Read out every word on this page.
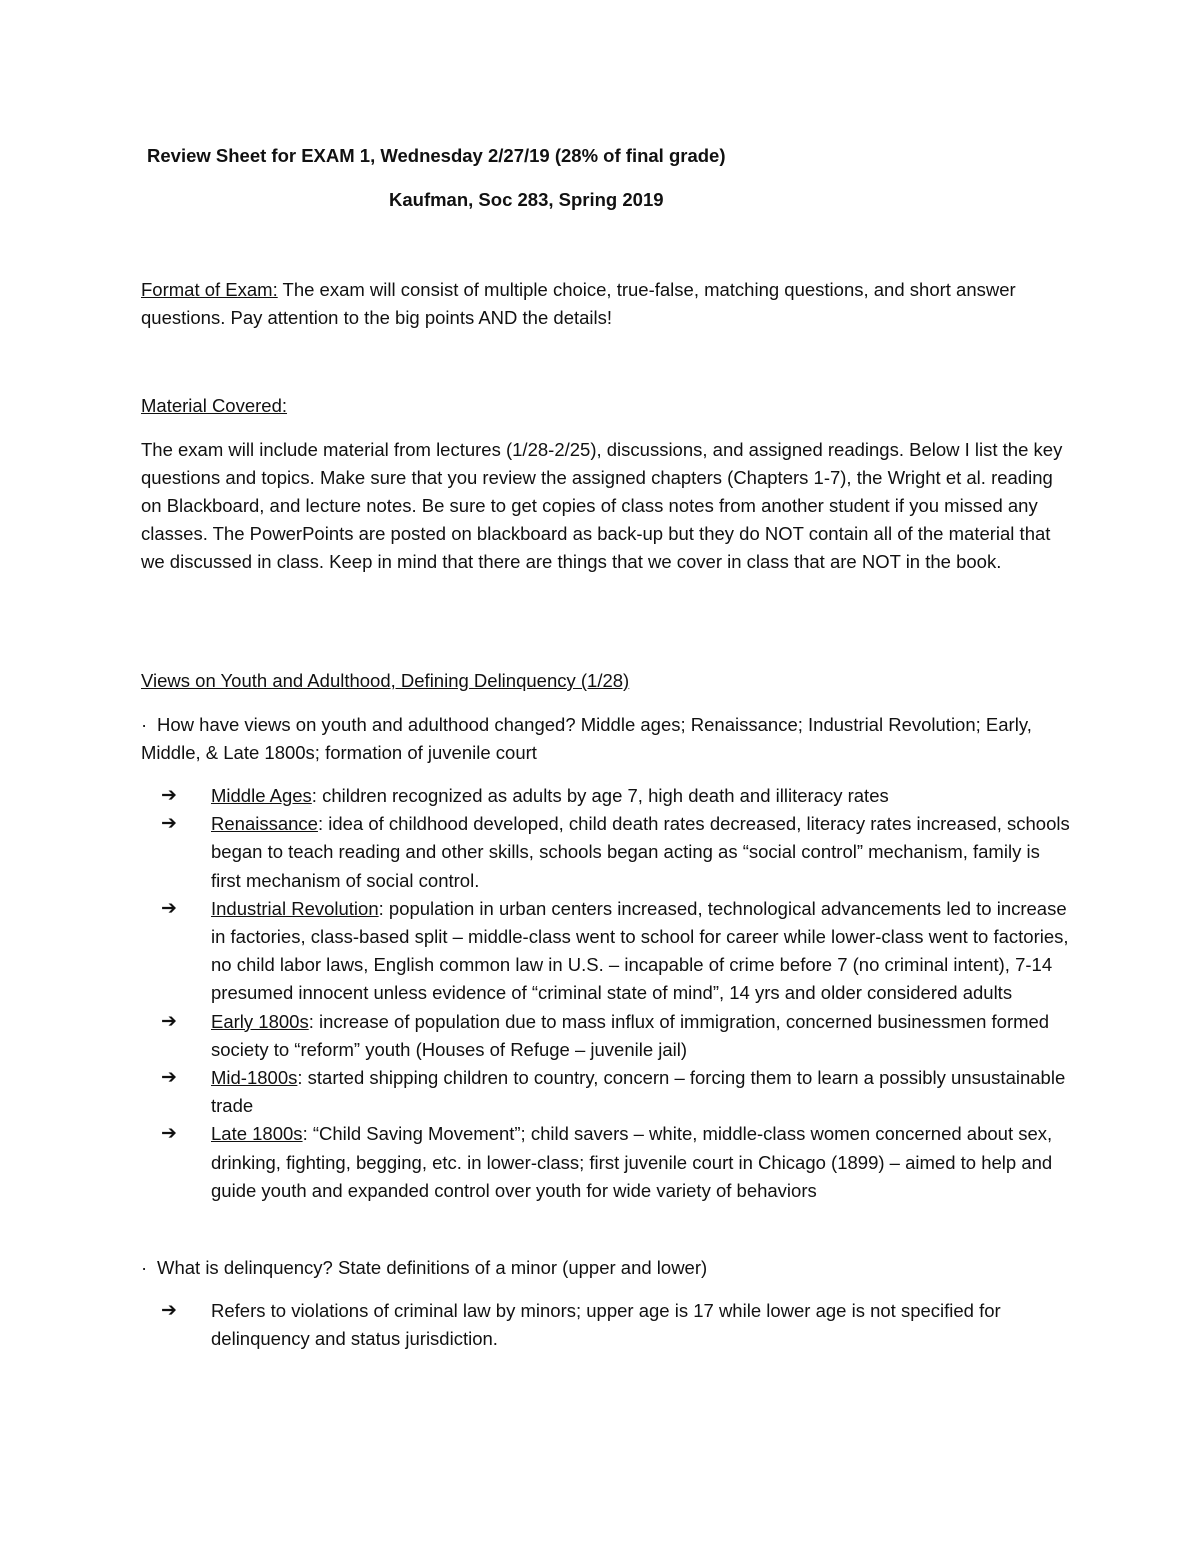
Review Sheet for EXAM 1, Wednesday 2/27/19 (28% of final grade)
Kaufman, Soc 283, Spring 2019

Format of Exam: The exam will consist of multiple choice, true-false, matching questions, and short answer questions. Pay attention to the big points AND the details!

Material Covered:

The exam will include material from lectures (1/28-2/25), discussions, and assigned readings. Below I list the key questions and topics. Make sure that you review the assigned chapters (Chapters 1-7), the Wright et al. reading on Blackboard, and lecture notes. Be sure to get copies of class notes from another student if you missed any classes. The PowerPoints are posted on blackboard as back-up but they do NOT contain all of the material that we discussed in class. Keep in mind that there are things that we cover in class that are NOT in the book.

Views on Youth and Adulthood, Defining Delinquency (1/28)
· How have views on youth and adulthood changed? Middle ages; Renaissance; Industrial Revolution; Early, Middle, & Late 1800s; formation of juvenile court
➔ Middle Ages: children recognized as adults by age 7, high death and illiteracy rates
➔ Renaissance: idea of childhood developed, child death rates decreased, literacy rates increased, schools began to teach reading and other skills, schools began acting as “social control” mechanism, family is first mechanism of social control.
➔ Industrial Revolution: population in urban centers increased, technological advancements led to increase in factories, class-based split – middle-class went to school for career while lower-class went to factories, no child labor laws, English common law in U.S. – incapable of crime before 7 (no criminal intent), 7-14 presumed innocent unless evidence of “criminal state of mind”, 14 yrs and older considered adults
➔ Early 1800s: increase of population due to mass influx of immigration, concerned businessmen formed society to “reform” youth (Houses of Refuge – juvenile jail)
➔ Mid-1800s: started shipping children to country, concern – forcing them to learn a possibly unsustainable trade
➔ Late 1800s: “Child Saving Movement”; child savers – white, middle-class women concerned about sex, drinking, fighting, begging, etc. in lower-class; first juvenile court in Chicago (1899) – aimed to help and guide youth and expanded control over youth for wide variety of behaviors
· What is delinquency? State definitions of a minor (upper and lower)
➔ Refers to violations of criminal law by minors; upper age is 17 while lower age is not specified for delinquency and status jurisdiction.
